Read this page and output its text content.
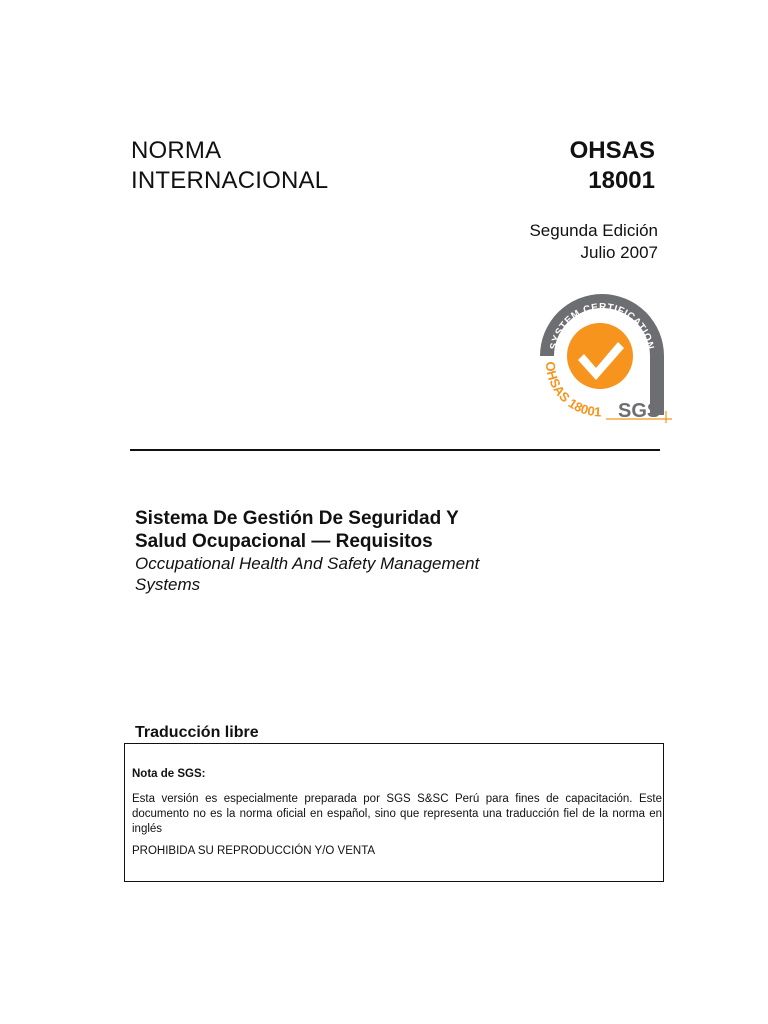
NORMA
INTERNACIONAL
OHSAS
18001
Segunda Edición
Julio 2007
SYSTEM CERTIFICATION
OHSAS 18001 SGS
Sistema De Gestión De Seguridad Y
Salud Ocupacional — Requisitos
Occupational Health And Safety Management
Systems
Traducción libre
Nota de SGS:
Esta versión es especialmente preparada por SGS S&SC Perú para fines de capacitación. Este documento no es la norma oficial en español, sino que representa una traducción fiel de la norma en inglés
PROHIBIDA SU REPRODUCCIÓN Y/O VENTA
